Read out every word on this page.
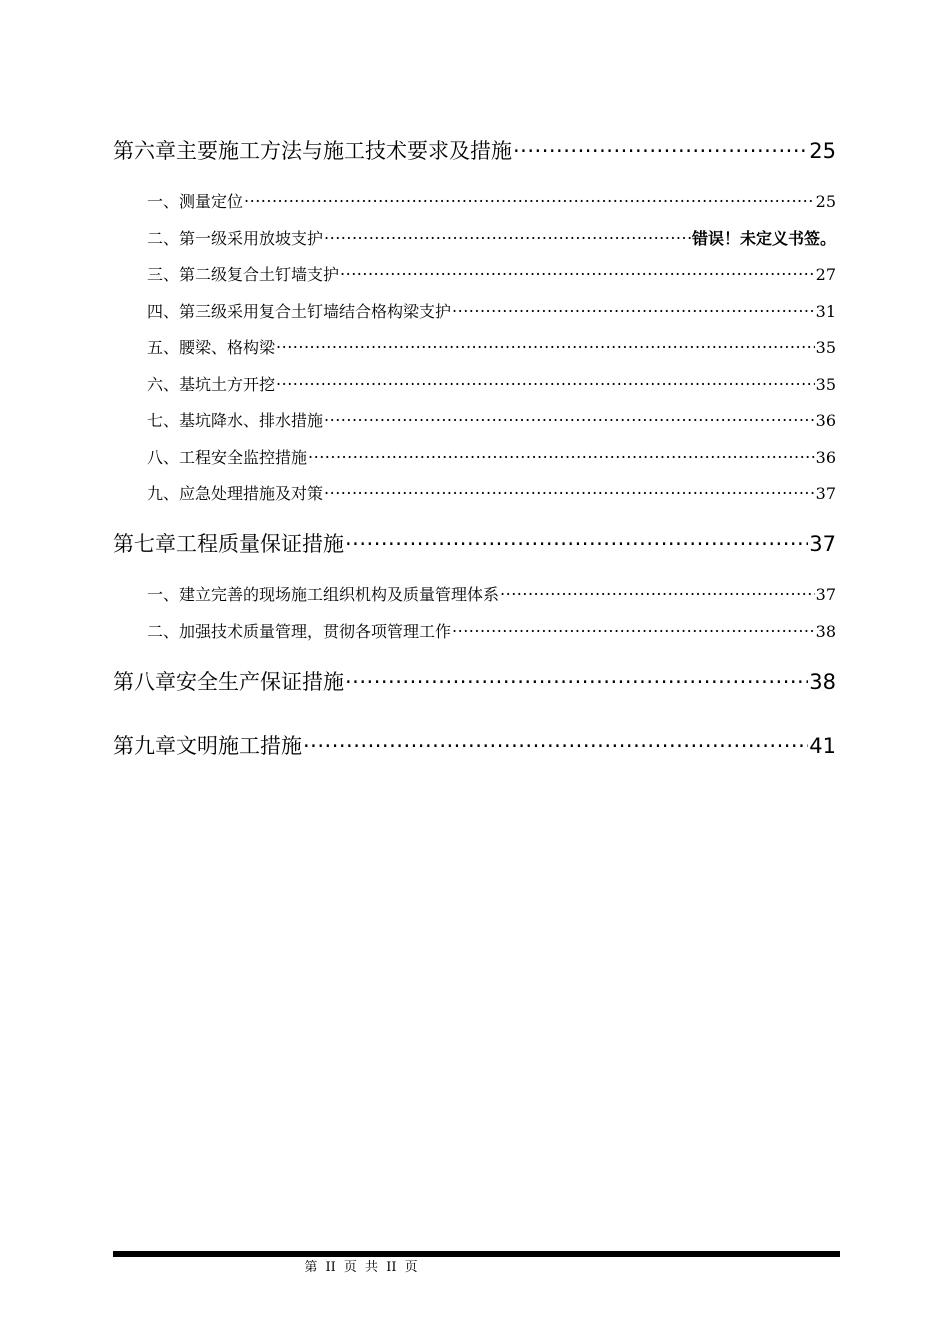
第六章主要施工方法与施工技术要求及措施 .....	25
一、测量定位 .....	25
二、第一级采用放坡支护 .....	错误！未定义书签。
三、第二级复合土钉墙支护 .....	27
四、第三级采用复合土钉墙结合格构梁支护 .....	31
五、腰梁、格构梁 .....	35
六、基坑土方开挖 .....	35
七、基坑降水、排水措施 .....	36
八、工程安全监控措施 .....	36
九、应急处理措施及对策 .....	37
第七章工程质量保证措施 .....	37
一、建立完善的现场施工组织机构及质量管理体系 .....	37
二、加强技术质量管理，贯彻各项管理工作 .....	38
第八章安全生产保证措施 .....	38
第九章文明施工措施 .....	41
第 II 页 共 II 页
